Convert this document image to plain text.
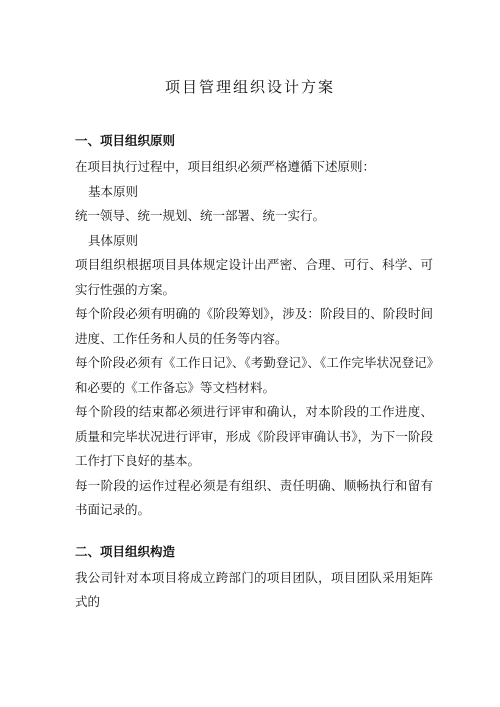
项目管理组织设计方案
一、项目组织原则

在项目执行过程中，项目组织必须严格遵循下述原则：

基本原则

统一领导、统一规划、统一部署、统一实行。

具体原则

项目组织根据项目具体规定设计出严密、合理、可行、科学、可实行性强的方案。

每个阶段必须有明确的《阶段筹划》，涉及：阶段目的、阶段时间进度、工作任务和人员的任务等内容。

每个阶段必须有《工作日记》、《考勤登记》、《工作完毕状况登记》和必要的《工作备忘》等文档材料。

每个阶段的结束都必须进行评审和确认，对本阶段的工作进度、质量和完毕状况进行评审，形成《阶段评审确认书》，为下一阶段工作打下良好的基本。

每一阶段的运作过程必须是有组织、责任明确、顺畅执行和留有书面记录的。

二、项目组织构造

我公司针对本项目将成立跨部门的项目团队，项目团队采用矩阵式的
